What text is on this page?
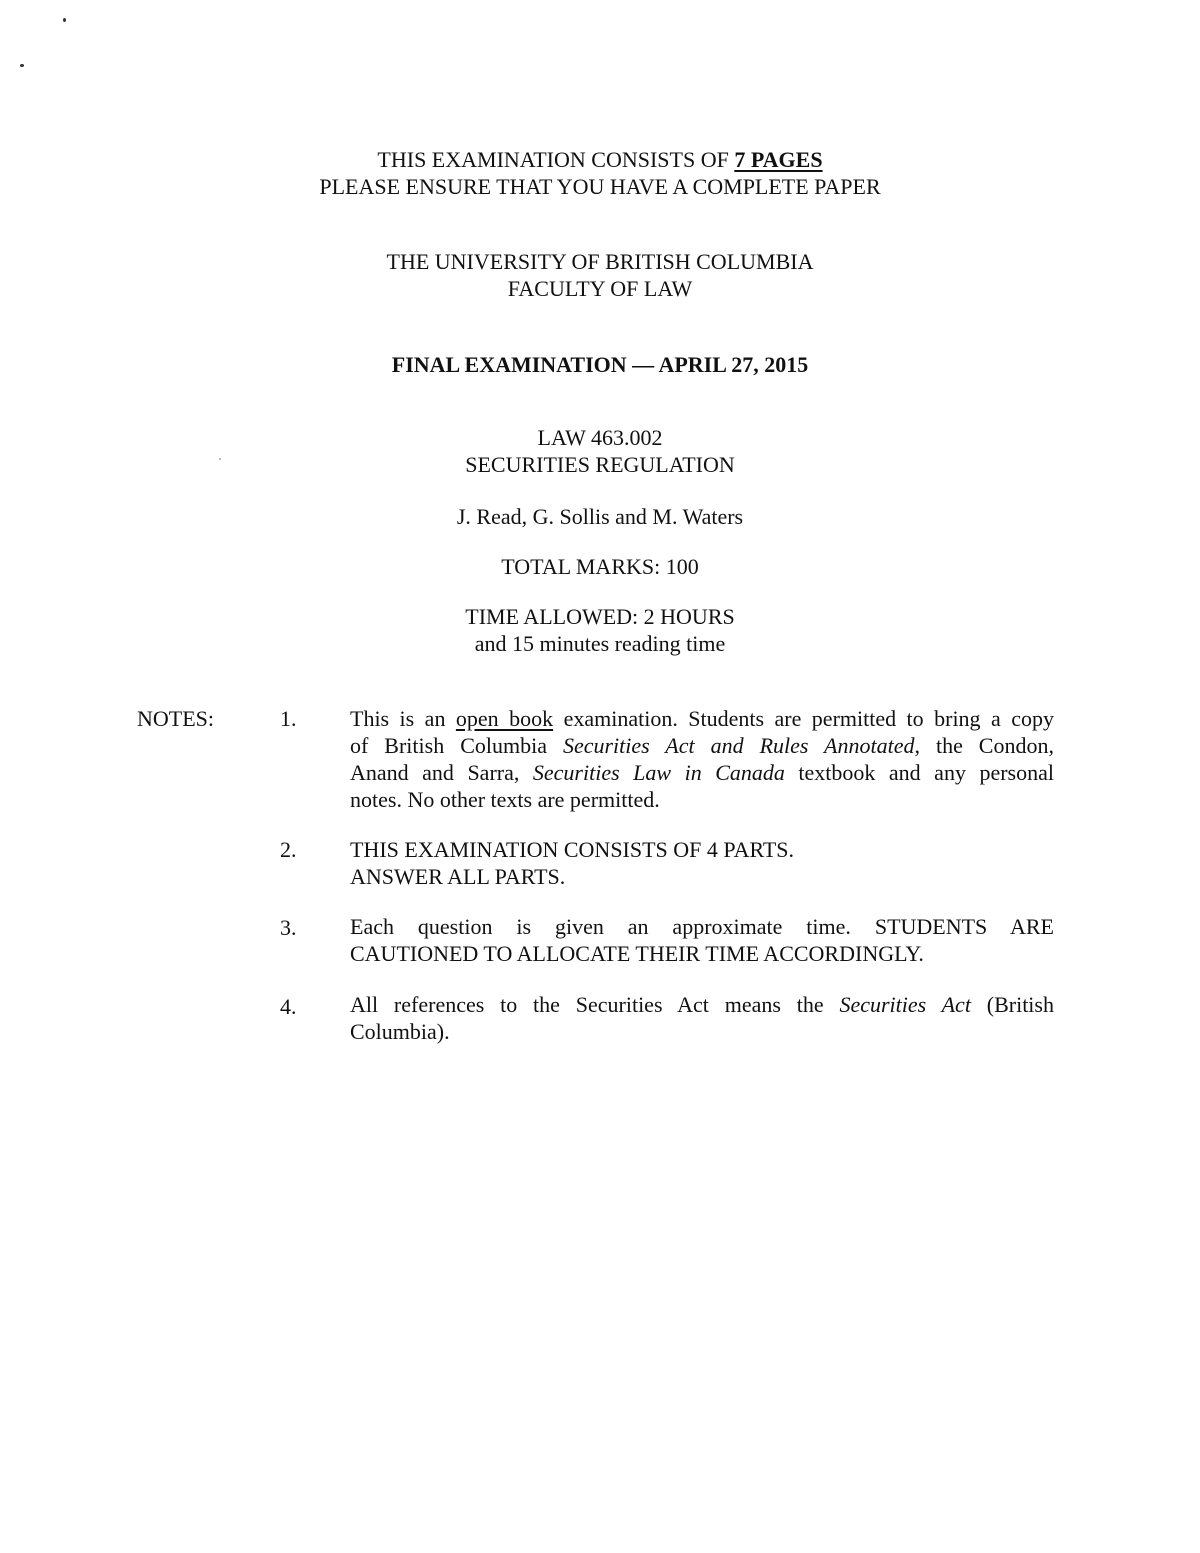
THIS EXAMINATION CONSISTS OF 7 PAGES
PLEASE ENSURE THAT YOU HAVE A COMPLETE PAPER
THE UNIVERSITY OF BRITISH COLUMBIA
FACULTY OF LAW
FINAL EXAMINATION — APRIL 27, 2015
LAW 463.002
SECURITIES REGULATION
J. Read, G. Sollis and M. Waters
TOTAL MARKS: 100
TIME ALLOWED: 2 HOURS
and 15 minutes reading time
NOTES:	1.	This is an open book examination. Students are permitted to bring a copy
of British Columbia Securities Act and Rules Annotated, the Condon,
Anand and Sarra, Securities Law in Canada textbook and any personal
notes. No other texts are permitted.
2.	THIS EXAMINATION CONSISTS OF 4 PARTS.
ANSWER ALL PARTS.
3.	Each question is given an approximate time. STUDENTS ARE
CAUTIONED TO ALLOCATE THEIR TIME ACCORDINGLY.
4.	All references to the Securities Act means the Securities Act (British
Columbia).
